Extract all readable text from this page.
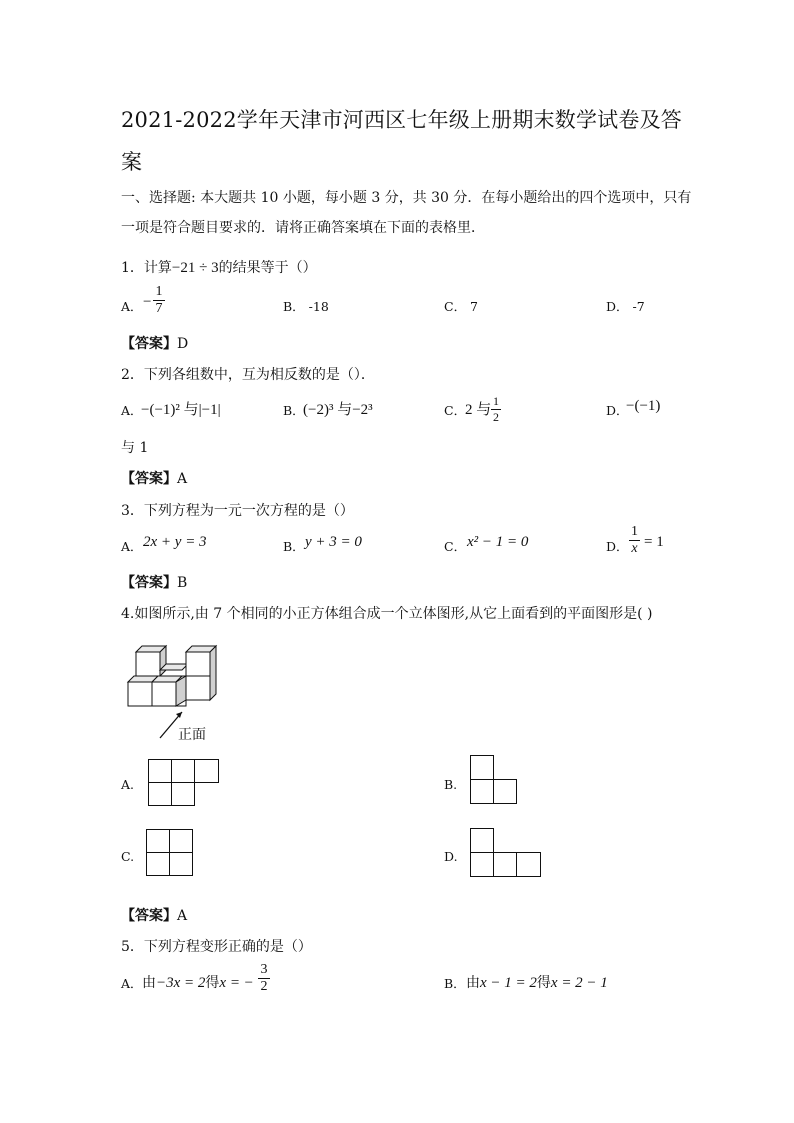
2021-2022学年天津市河西区七年级上册期末数学试卷及答
案
一、选择题: 本大题共 10 小题，每小题 3 分，共 30 分．在每小题给出的四个选项中，只有
一项是符合题目要求的．请将正确答案填在下面的表格里．
1．计算−21 ÷ 3的结果等于（）
A． − $\frac{1}{7}$	B． -18	C． 7	D． -7
【答案】D
2．下列各组数中，互为相反数的是（）．
A．
−(−1)² 与|−1|	B．
(−2)³ 与−2³	C．
2 与 $\frac{1}{2}$	D．
−(−1)
与 1
【答案】A
3．下列方程为一元一次方程的是（）
A． 2x + y = 3	B． y + 3 = 0	C． x² − 1 = 0	D． $\frac{1}{x} = 1$
【答案】B
4.如图所示,由 7 个相同的小正方体组合成一个立体图形,从它上面看到的平面图形是( )
正面
A.	B.
C.	D.
【答案】A
5．下列方程变形正确的是（）
A． 由−3x = 2得x = − $\frac{3}{2}$	B． 由x − 1 = 2得x = 2 − 1
